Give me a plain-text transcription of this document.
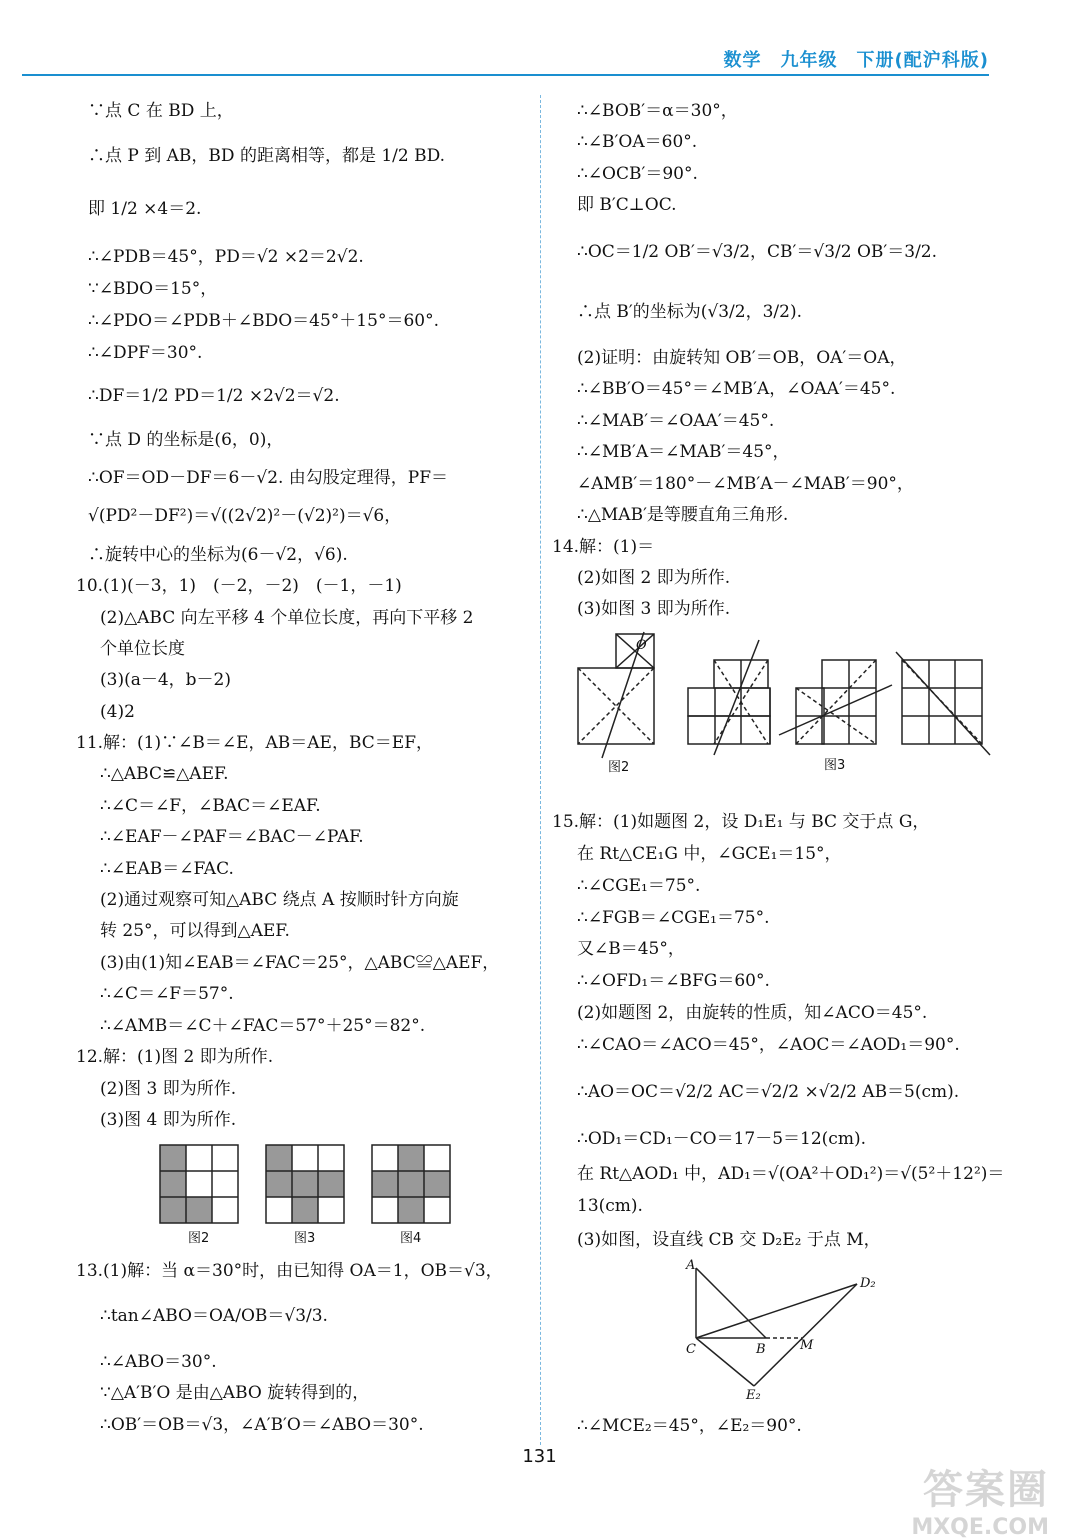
数学　九年级　下册(配沪科版)
∵点 C 在 BD 上，
∴点 P 到 AB，BD 的距离相等，都是 1/2 BD.
即 1/2 ×4＝2.
∴∠PDB＝45°，PD＝√2 ×2＝2√2.
∵∠BDO＝15°，
∴∠PDO＝∠PDB＋∠BDO＝45°＋15°＝60°.
∴∠DPF＝30°.
∴DF＝1/2 PD＝1/2 ×2√2＝√2.
∵点 D 的坐标是(6，0)，
∴OF＝OD－DF＝6－√2. 由勾股定理得，PF＝
√(PD²－DF²)＝√((2√2)²－(√2)²)＝√6，
∴旋转中心的坐标为(6－√2，√6).
10.(1)(－3，1)　(－2，－2)　(－1，－1)
(2)△ABC 向左平移 4 个单位长度，再向下平移 2
个单位长度
(3)(a－4，b－2)
(4)2
11.解：(1)∵∠B＝∠E，AB＝AE，BC＝EF，
∴△ABC≌△AEF.
∴∠C＝∠F，∠BAC＝∠EAF.
∴∠EAF－∠PAF＝∠BAC－∠PAF.
∴∠EAB＝∠FAC.
(2)通过观察可知△ABC 绕点 A 按顺时针方向旋
转 25°，可以得到△AEF.
(3)由(1)知∠EAB＝∠FAC＝25°，△ABC≌△AEF，
∴∠C＝∠F＝57°.
∴∠AMB＝∠C＋∠FAC＝57°＋25°＝82°.
12.解：(1)图 2 即为所作.
(2)图 3 即为所作.
(3)图 4 即为所作.
13.(1)解：当 α＝30°时，由已知得 OA＝1，OB＝√3，
∴tan∠ABO＝OA/OB＝√3/3.
∴∠ABO＝30°.
∵△A′B′O 是由△ABO 旋转得到的，
∴OB′＝OB＝√3，∠A′B′O＝∠ABO＝30°.
图2	图3	图4
∴∠BOB′＝α＝30°，
∴∠B′OA＝60°.
∴∠OCB′＝90°.
即 B′C⊥OC.
∴OC＝1/2 OB′＝√3/2，CB′＝√3/2 OB′＝3/2.
∴点 B′的坐标为(√3/2，3/2).
(2)证明：由旋转知 OB′＝OB，OA′＝OA，
∴∠BB′O＝45°＝∠MB′A，∠OAA′＝45°.
∴∠MAB′＝∠OAA′＝45°.
∴∠MB′A＝∠MAB′＝45°，
∠AMB′＝180°－∠MB′A－∠MAB′＝90°，
∴△MAB′是等腰直角三角形.
14.解：(1)＝
(2)如图 2 即为所作.
(3)如图 3 即为所作.
15.解：(1)如题图 2，设 D₁E₁ 与 BC 交于点 G，
在 Rt△CE₁G 中，∠GCE₁＝15°，
∴∠CGE₁＝75°.
∴∠FGB＝∠CGE₁＝75°.
又∠B＝45°，
∴∠OFD₁＝∠BFG＝60°.
(2)如题图 2，由旋转的性质，知∠ACO＝45°.
∴∠CAO＝∠ACO＝45°，∠AOC＝∠AOD₁＝90°.
∴AO＝OC＝√2/2 AC＝√2/2 ×√2/2 AB＝5(cm).
∴OD₁＝CD₁－CO＝17－5＝12(cm).
在 Rt△AOD₁ 中，AD₁＝√(OA²＋OD₁²)＝√(5²＋12²)＝
13(cm).
(3)如图，设直线 CB 交 D₂E₂ 于点 M，
∴∠MCE₂＝45°，∠E₂＝90°.
O
图2	图3
A
D₂
C	B	M
E₂
131
答案圈
MXQE.COM
